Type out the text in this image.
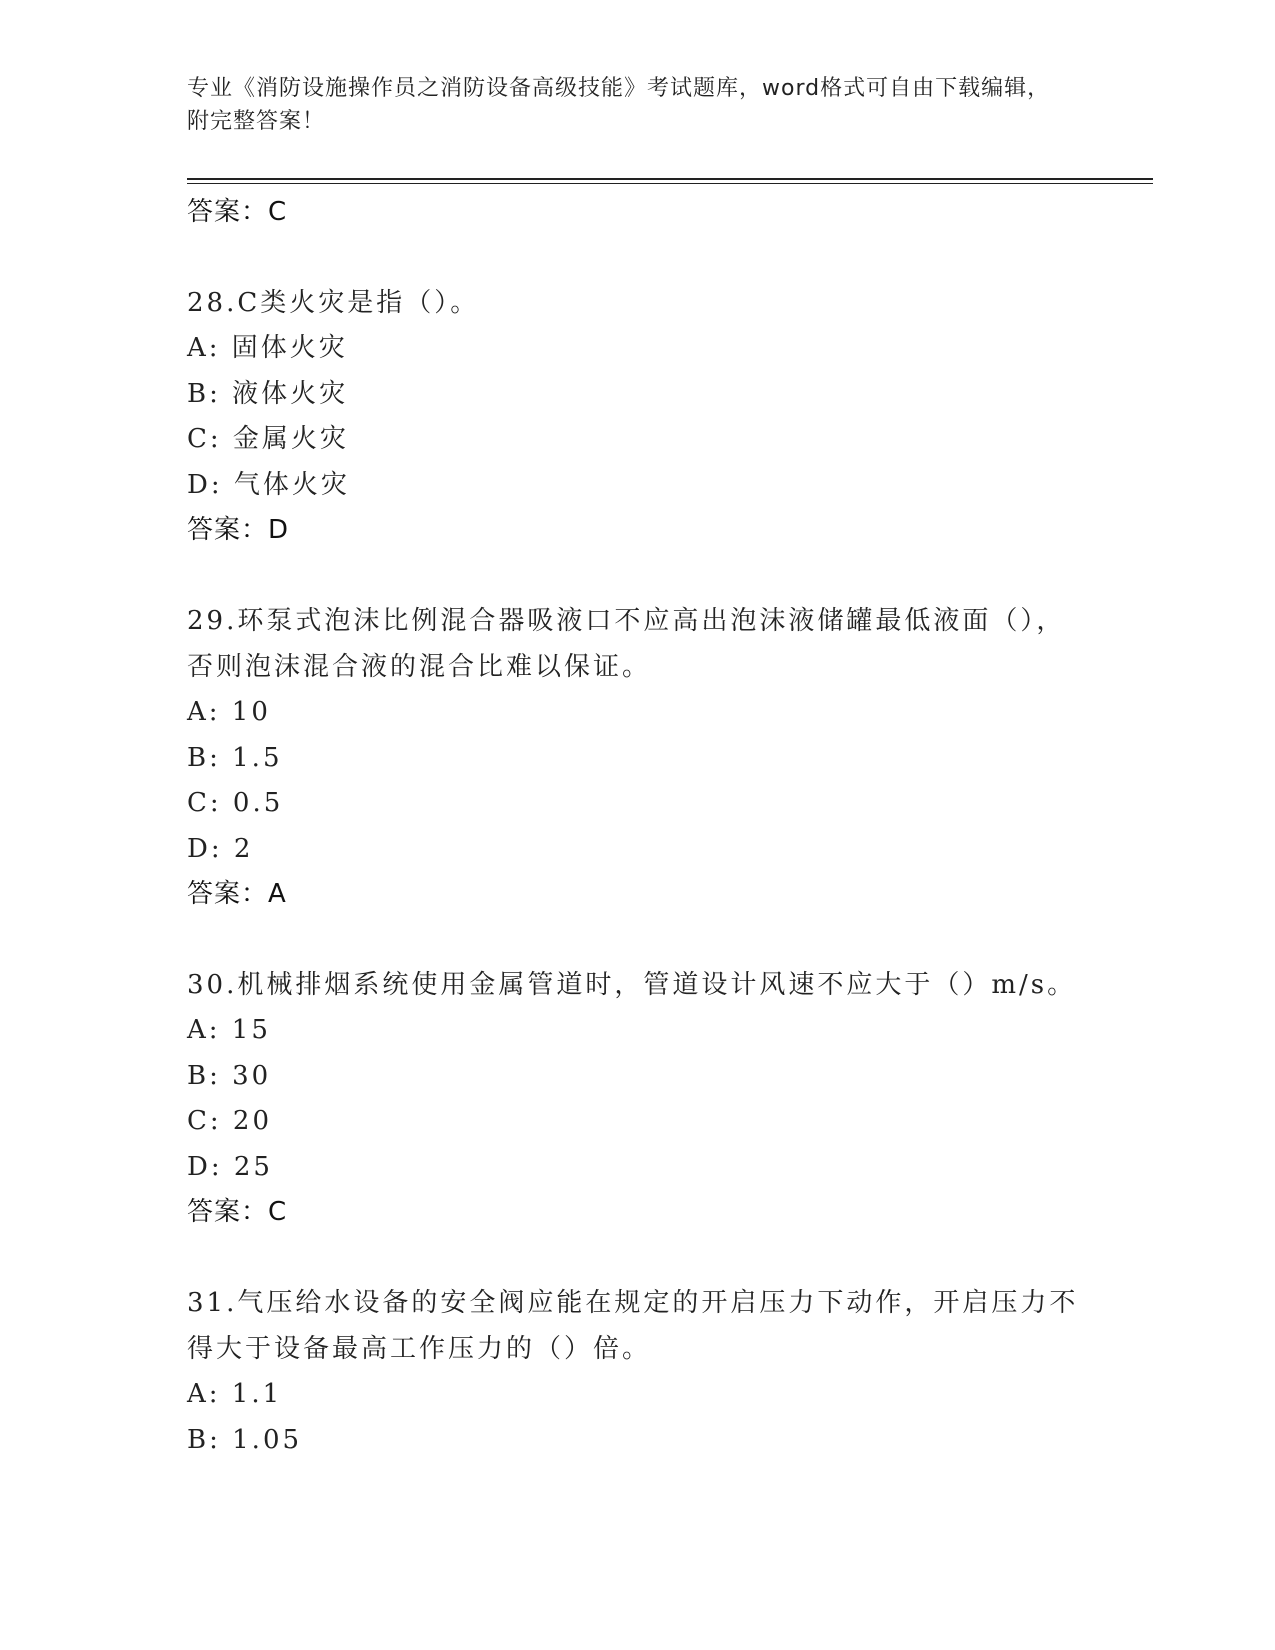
专业《消防设施操作员之消防设备高级技能》考试题库，word格式可自由下载编辑，附完整答案！
答案：C
28.C类火灾是指（）。
A: 固体火灾
B: 液体火灾
C: 金属火灾
D: 气体火灾
答案：D
29.环泵式泡沫比例混合器吸液口不应高出泡沫液储罐最低液面（），否则泡沫混合液的混合比难以保证。
A: 10
B: 1.5
C: 0.5
D: 2
答案：A
30.机械排烟系统使用金属管道时，管道设计风速不应大于（）m/s。
A: 15
B: 30
C: 20
D: 25
答案：C
31.气压给水设备的安全阀应能在规定的开启压力下动作，开启压力不得大于设备最高工作压力的（）倍。
A: 1.1
B: 1.05
